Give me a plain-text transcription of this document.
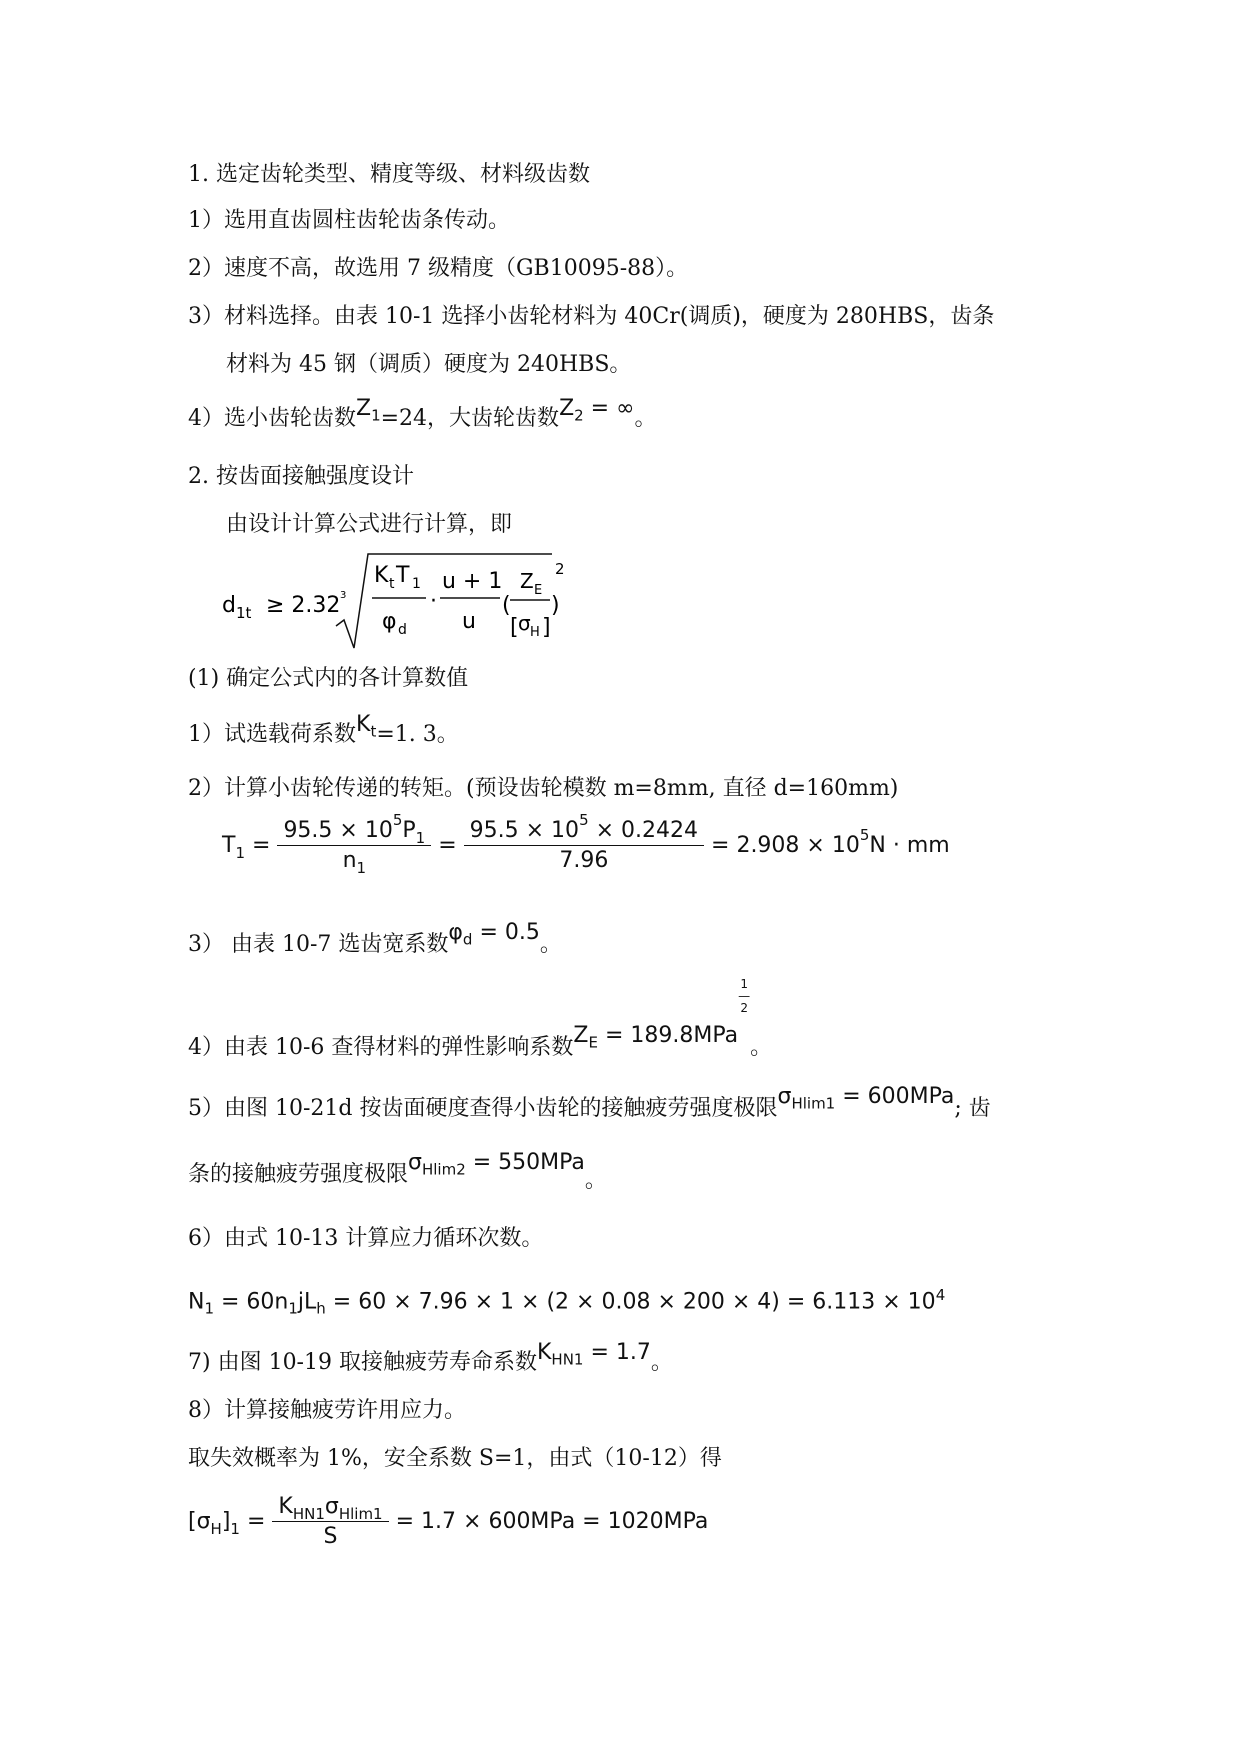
1. 选定齿轮类型、精度等级、材料级齿数
1）选用直齿圆柱齿轮齿条传动。
2）速度不高，故选用 7 级精度（GB10095-88）。
3）材料选择。由表 10-1 选择小齿轮材料为 40Cr(调质)，硬度为 280HBS，齿条
材料为 45 钢（调质）硬度为 240HBS。
4）选小齿轮齿数$Z_1=24$，大齿轮齿数$Z_2$ = ∞。
2. 按齿面接触强度设计
由设计计算公式进行计算，即
d 1t ≥ 2.32 3
K t T 1
φ d
·
u + 1
u
(
Z E
[ σ H ]
)
2
(1) 确定公式内的各计算数值
1）试选载荷系数$K_t=1$. 3。
2）计算小齿轮传递的转矩。(预设齿轮模数 m=8mm, 直径 d=160mm)
$T_1 = \frac{95.5 \times 10^5P_1}{n_1} = \frac{95.5 \times 10^5 \times 0.2424}{7.96} = 2.908 \times 10^5N$ · mm
3） 由表 10-7 选齿宽系数$\varphi_d = 0.5$。
4）由表 10-6 查得材料的弹性影响系数$Z_E = 189.8MPa1$
—
2。
5）由图 10-21d 按齿面硬度查得小齿轮的接触疲劳强度极限$\sigma_{Hlim1} = 600MPa$; 齿
条的接触疲劳强度极限$\sigma_{Hlim2} = 550MPa$。
6）由式 10-13 计算应力循环次数。
$N_1 = 60n_1jL_h = 60 \times 7.96 \times 1 \times (2 \times 0.08 \times 200 \times 4) = 6.113 \times 10^4$
7) 由图 10-19 取接触疲劳寿命系数$K_{HN1} = 1.7$。
8）计算接触疲劳许用应力。
取失效概率为 1%，安全系数 S=1，由式（10-12）得
$[\sigma_H]_1 = \frac{K_{HN1}\sigma_{Hlim1}}{S} = 1.7 \times 600MPa = 1020MPa$
